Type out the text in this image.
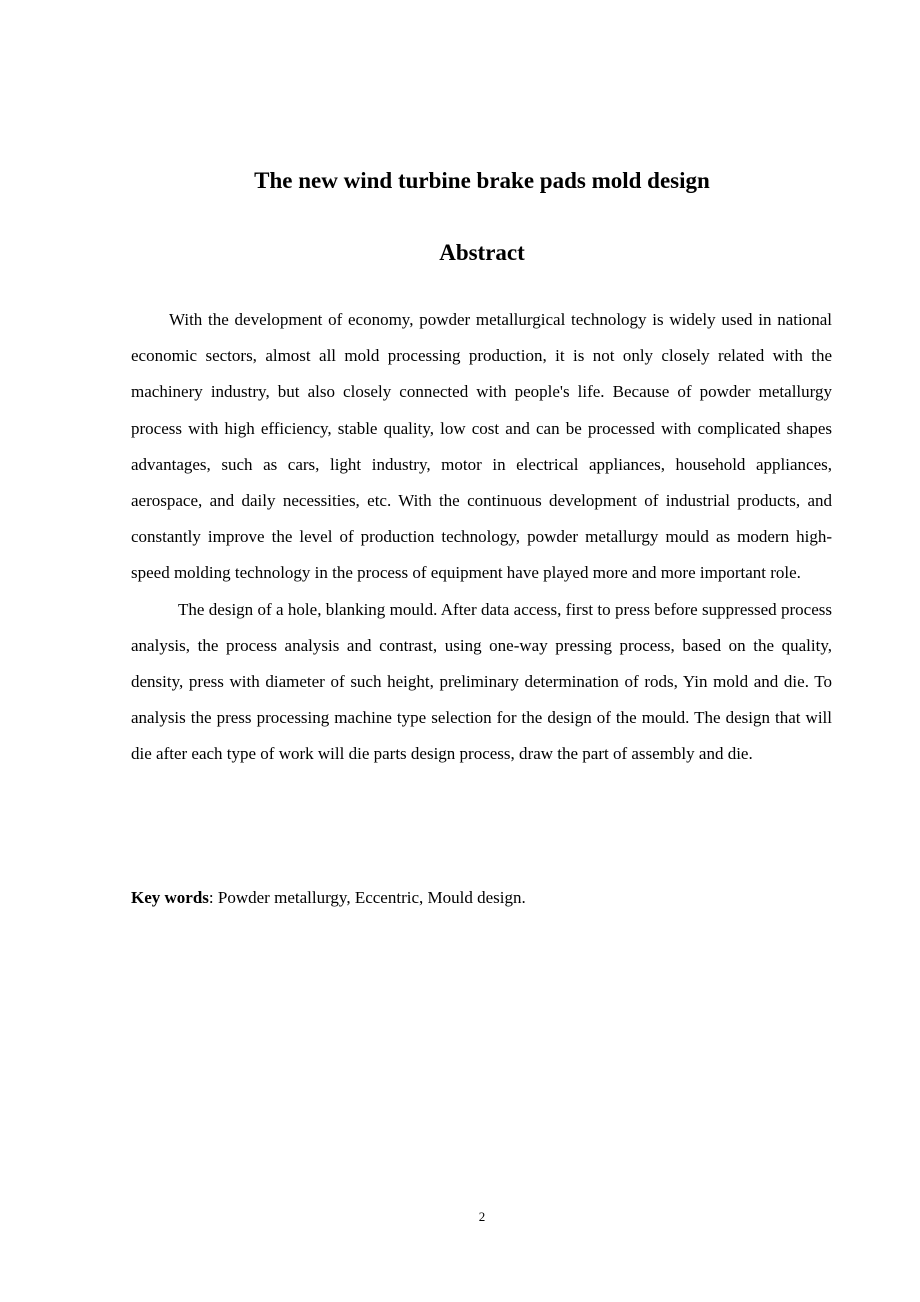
The new wind turbine brake pads mold design
Abstract

With the development of economy, powder metallurgical technology is widely used in national economic sectors, almost all mold processing production, it is not only closely related with the machinery industry, but also closely connected with people's life. Because of powder metallurgy process with high efficiency, stable quality, low cost and can be processed with complicated shapes advantages, such as cars, light industry, motor in electrical appliances, household appliances, aerospace, and daily necessities, etc. With the continuous development of industrial products, and constantly improve the level of production technology, powder metallurgy mould as modern high-speed molding technology in the process of equipment have played more and more important role.

The design of a hole, blanking mould. After data access, first to press before suppressed process analysis, the process analysis and contrast, using one-way pressing process, based on the quality, density, press with diameter of such height, preliminary determination of rods, Yin mold and die. To analysis the press processing machine type selection for the design of the mould. The design that will die after each type of work will die parts design process, draw the part of assembly and die.

Key words: Powder metallurgy, Eccentric, Mould design.

2
